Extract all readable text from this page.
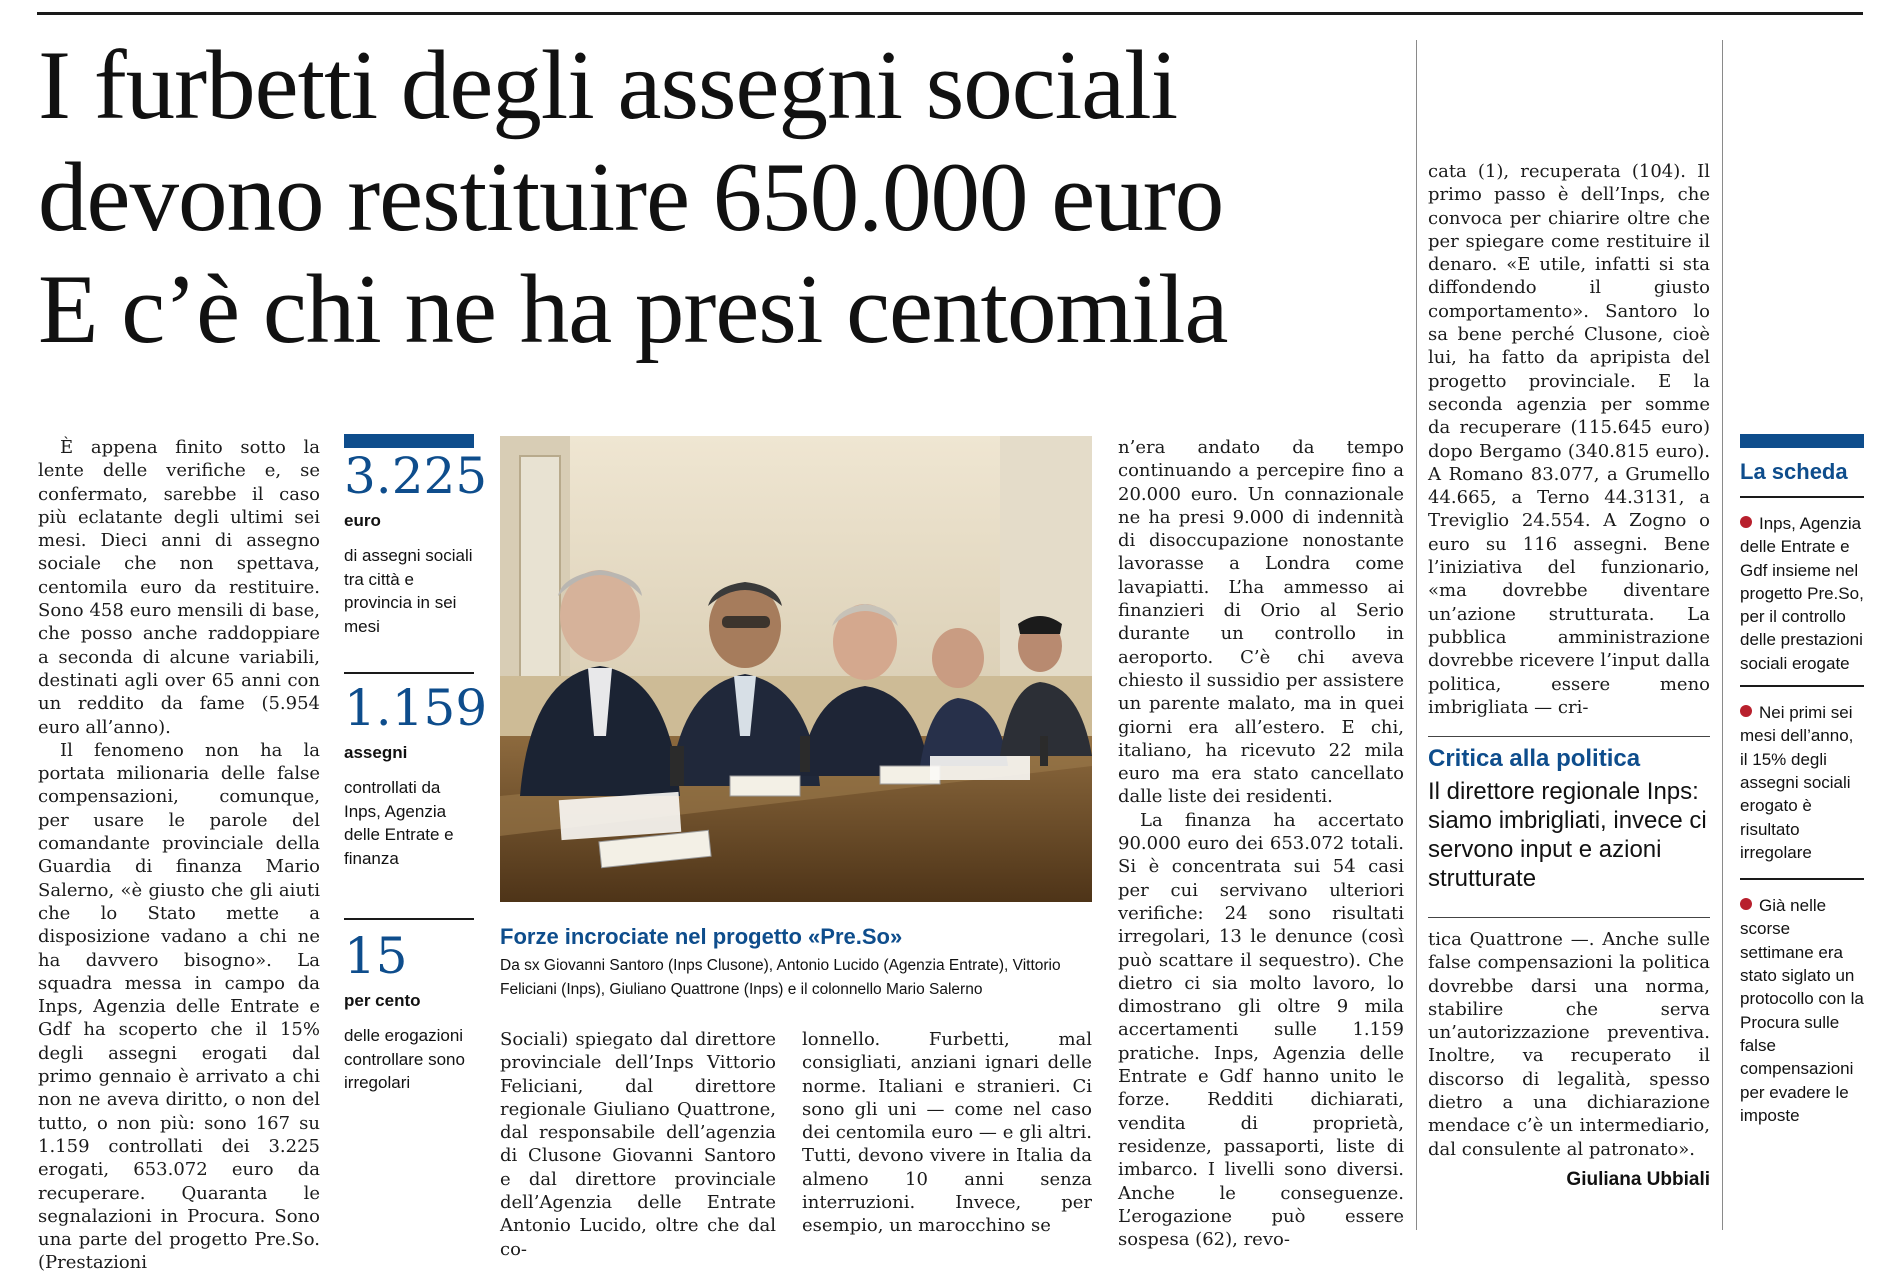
I furbetti degli assegni sociali
devono restituire 650.000 euro
E c’è chi ne ha presi centomila

È appena finito sotto la lente delle verifiche e, se confermato, sarebbe il caso più eclatante degli ultimi sei mesi. Dieci anni di assegno sociale che non spettava, centomila euro da restituire. Sono 458 euro mensili di base, che posso anche raddoppiare a seconda di alcune variabili, destinati agli over 65 anni con un reddito da fame (5.954 euro all’anno).

Il fenomeno non ha la portata milionaria delle false compensazioni, comunque, per usare le parole del comandante provinciale della Guardia di finanza Mario Salerno, «è giusto che gli aiuti che lo Stato mette a disposizione vadano a chi ne ha davvero bisogno». La squadra messa in campo da Inps, Agenzia delle Entrate e Gdf ha scoperto che il 15% degli assegni erogati dal primo gennaio è arrivato a chi non ne aveva diritto, o non del tutto, o non più: sono 167 su 1.159 controllati dei 3.225 erogati, 653.072 euro da recuperare. Quaranta le segnalazioni in Procura. Sono una parte del progetto Pre.So. (Prestazioni

3.225

euro

di assegni sociali tra città e provincia in sei mesi

1.159

assegni

controllati da Inps, Agenzia delle Entrate e finanza

15

per cento

delle erogazioni controllare sono irregolari

Forze incrociate nel progetto «Pre.So»

Da sx Giovanni Santoro (Inps Clusone), Antonio Lucido (Agenzia Entrate), Vittorio Feliciani (Inps), Giuliano Quattrone (Inps) e il colonnello Mario Salerno

Sociali) spiegato dal direttore provinciale dell’Inps Vittorio Feliciani, dal direttore regionale Giuliano Quattrone, dal responsabile dell’agenzia di Clusone Giovanni Santoro e dal direttore provinciale dell’Agenzia delle Entrate Antonio Lucido, oltre che dal co-

lonnello. Furbetti, mal consigliati, anziani ignari delle norme. Italiani e stranieri. Ci sono gli uni — come nel caso dei centomila euro — e gli altri. Tutti, devono vivere in Italia da almeno 10 anni senza interruzioni. Invece, per esempio, un marocchino se

n’era andato da tempo continuando a percepire fino a 20.000 euro. Un connazionale ne ha presi 9.000 di indennità di disoccupazione nonostante lavorasse a Londra come lavapiatti. L’ha ammesso ai finanzieri di Orio al Serio durante un controllo in aeroporto. C’è chi aveva chiesto il sussidio per assistere un parente malato, ma in quei giorni era all’estero. E chi, italiano, ha ricevuto 22 mila euro ma era stato cancellato dalle liste dei residenti.

La finanza ha accertato 90.000 euro dei 653.072 totali. Si è concentrata sui 54 casi per cui servivano ulteriori verifiche: 24 sono risultati irregolari, 13 le denunce (così può scattare il sequestro). Che dietro ci sia molto lavoro, lo dimostrano gli oltre 9 mila accertamenti sulle 1.159 pratiche. Inps, Agenzia delle Entrate e Gdf hanno unito le forze. Redditi dichiarati, vendita di proprietà, residenze, passaporti, liste di imbarco. I livelli sono diversi. Anche le conseguenze. L’erogazione può essere sospesa (62), revo-

cata (1), recuperata (104). Il primo passo è dell’Inps, che convoca per chiarire oltre che per spiegare come restituire il denaro. «E utile, infatti si sta diffondendo il giusto comportamento». Santoro lo sa bene perché Clusone, cioè lui, ha fatto da apripista del progetto provinciale. E la seconda agenzia per somme da recuperare (115.645 euro) dopo Bergamo (340.815 euro). A Romano 83.077, a Grumello 44.665, a Terno 44.3131, a Treviglio 24.554. A Zogno o euro su 116 assegni. Bene l’iniziativa del funzionario, «ma dovrebbe diventare un’azione strutturata. La pubblica amministrazione dovrebbe ricevere l’input dalla politica, essere meno imbrigliata — cri-

Critica alla politica

Il direttore regionale Inps: siamo imbrigliati, invece ci servono input e azioni strutturate

tica Quattrone —. Anche sulle false compensazioni la politica dovrebbe darsi una norma, stabilire che serva un’autorizzazione preventiva. Inoltre, va recuperato il discorso di legalità, spesso dietro a una dichiarazione mendace c’è un intermediario, dal consulente al patronato».

Giuliana Ubbiali

La scheda

Inps, Agenzia delle Entrate e Gdf insieme nel progetto Pre.So, per il controllo delle prestazioni sociali erogate

Nei primi sei mesi dell’anno, il 15% degli assegni sociali erogato è risultato irregolare

Già nelle scorse settimane era stato siglato un protocollo con la Procura sulle false compensazioni per evadere le imposte
